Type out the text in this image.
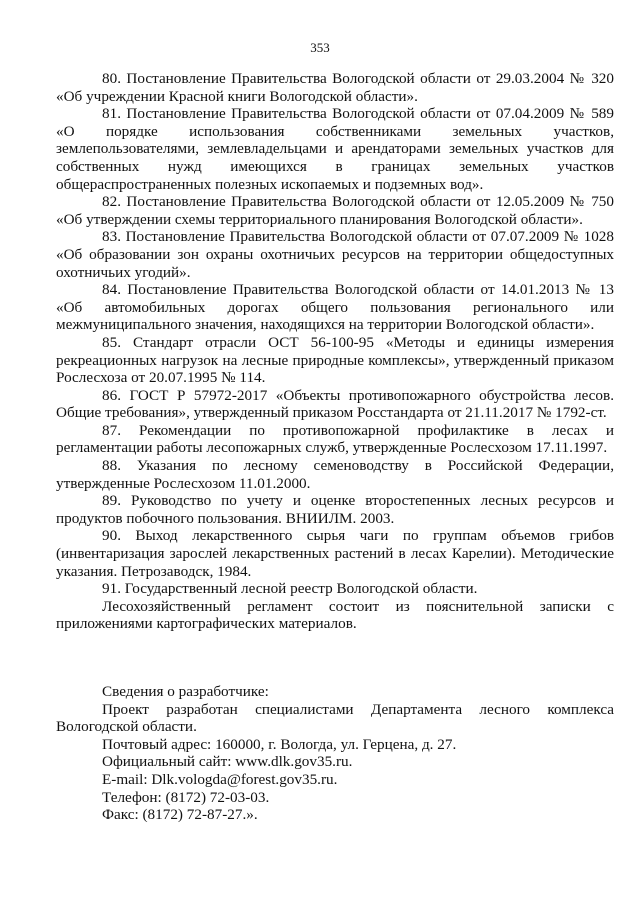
353

80. Постановление Правительства Вологодской области от 29.03.2004 № 320 «Об учреждении Красной книги Вологодской области».

81. Постановление Правительства Вологодской области от 07.04.2009 № 589 «О порядке использования собственниками земельных участков, землепользователями, землевладельцами и арендаторами земельных участков для собственных нужд имеющихся в границах земельных участков общераспространенных полезных ископаемых и подземных вод».

82. Постановление Правительства Вологодской области от 12.05.2009 № 750 «Об утверждении схемы территориального планирования Вологодской области».

83. Постановление Правительства Вологодской области от 07.07.2009 № 1028 «Об образовании зон охраны охотничьих ресурсов на территории общедоступных охотничьих угодий».

84. Постановление Правительства Вологодской области от 14.01.2013 № 13 «Об автомобильных дорогах общего пользования регионального или межмуниципального значения, находящихся на территории Вологодской области».

85. Стандарт отрасли ОСТ 56-100-95 «Методы и единицы измерения рекреационных нагрузок на лесные природные комплексы», утвержденный приказом Рослесхоза от 20.07.1995 № 114.

86. ГОСТ Р 57972-2017 «Объекты противопожарного обустройства лесов. Общие требования», утвержденный приказом Росстандарта от 21.11.2017 № 1792-ст.

87. Рекомендации по противопожарной профилактике в лесах и регламентации работы лесопожарных служб, утвержденные Рослесхозом 17.11.1997.

88. Указания по лесному семеноводству в Российской Федерации, утвержденные Рослесхозом 11.01.2000.

89. Руководство по учету и оценке второстепенных лесных ресурсов и продуктов побочного пользования. ВНИИЛМ. 2003.

90. Выход лекарственного сырья чаги по группам объемов грибов (инвентаризация зарослей лекарственных растений в лесах Карелии). Методические указания. Петрозаводск, 1984.

91. Государственный лесной реестр Вологодской области.

Лесохозяйственный регламент состоит из пояснительной записки с приложениями картографических материалов.

Сведения о разработчике:

Проект разработан специалистами Департамента лесного комплекса Вологодской области.

Почтовый адрес: 160000, г. Вологда, ул. Герцена, д. 27.

Официальный сайт: www.dlk.gov35.ru.

E-mail: Dlk.vologda@forest.gov35.ru.

Телефон: (8172) 72-03-03.

Факс: (8172) 72-87-27.».
